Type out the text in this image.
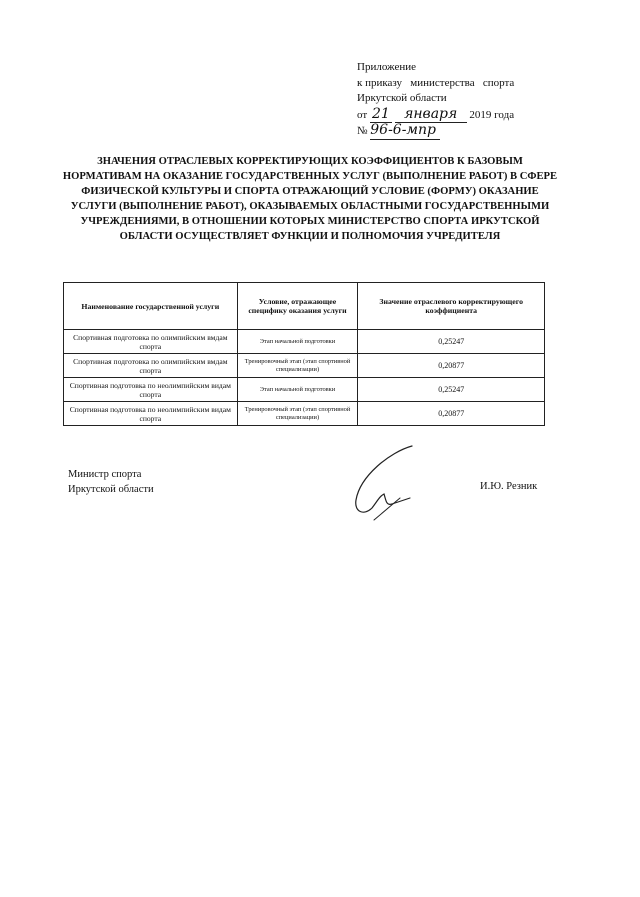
Приложение
к приказу   министерства   спорта
Иркутской области
от 21 января 2019 года
№ 96-6-мпр
ЗНАЧЕНИЯ ОТРАСЛЕВЫХ КОРРЕКТИРУЮЩИХ КОЭФФИЦИЕНТОВ К БАЗОВЫМ НОРМАТИВАМ НА ОКАЗАНИЕ ГОСУДАРСТВЕННЫХ УСЛУГ (ВЫПОЛНЕНИЕ РАБОТ) В СФЕРЕ ФИЗИЧЕСКОЙ КУЛЬТУРЫ И СПОРТА ОТРАЖАЮЩИЙ УСЛОВИЕ (ФОРМУ) ОКАЗАНИЕ УСЛУГИ (ВЫПОЛНЕНИЕ РАБОТ), ОКАЗЫВАЕМЫХ ОБЛАСТНЫМИ ГОСУДАРСТВЕННЫМИ УЧРЕЖДЕНИЯМИ, В ОТНОШЕНИИ КОТОРЫХ МИНИСТЕРСТВО СПОРТА ИРКУТСКОЙ ОБЛАСТИ ОСУЩЕСТВЛЯЕТ ФУНКЦИИ И ПОЛНОМОЧИЯ УЧРЕДИТЕЛЯ
Наименование государственной услуги	Условие, отражающее специфику оказания услуги	Значение отраслевого корректирующего коэффициента
Спортивная подготовка по олимпийским вмдам спорта	Этап начальной подготовки	0,25247
Спортивная подготовка по олимпийским вмдам спорта	Тренировочный этап (этап спортивной специализации)	0,20877
Спортивная подготовка по неолимпийским видам спорта	Этап начальной подготовки	0,25247
Спортивная подготовка по неолимпийским видам спорта	Тренировочный этап (этап спортивной специализации)	0,20877
Министр спорта
Иркутской области	И.Ю. Резник
